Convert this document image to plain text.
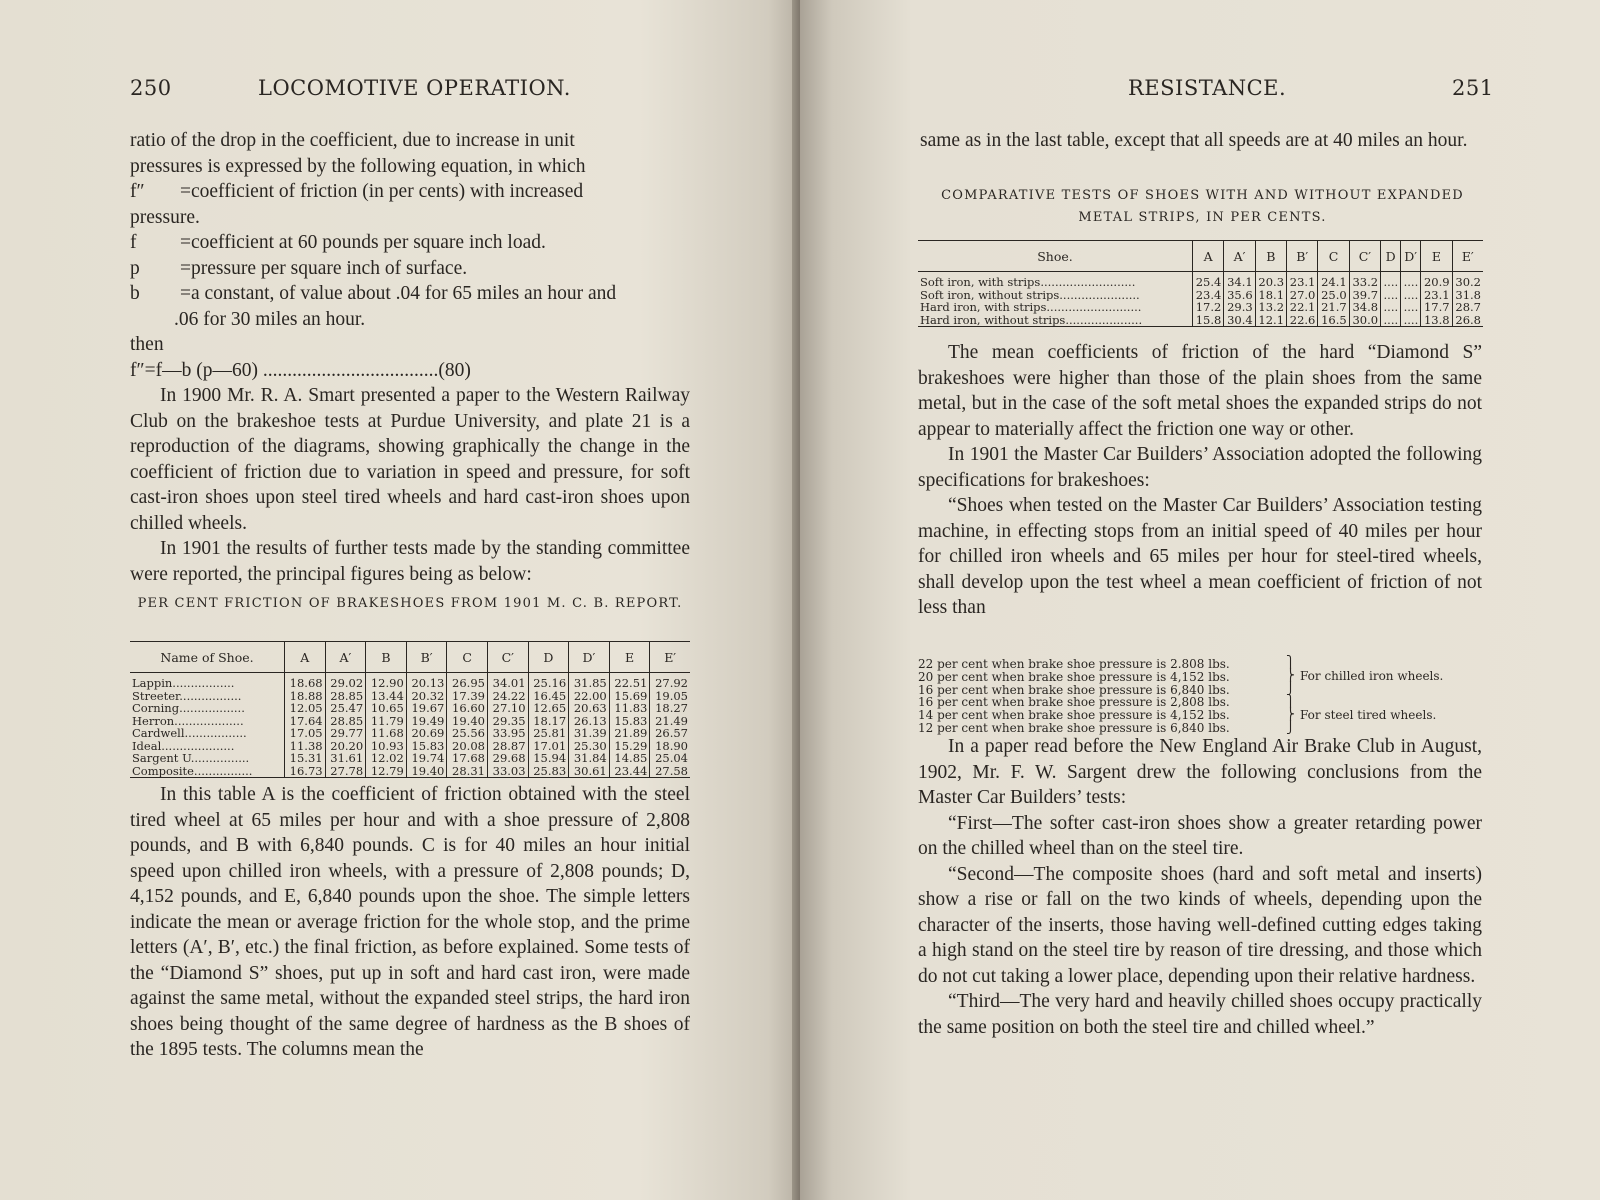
250	LOCOMOTIVE OPERATION.

ratio of the drop in the coefficient, due to increase in unit

pressures is expressed by the following equation, in which

f″	=coefficient of friction (in per cents) with increased
pressure.
f	=coefficient at 60 pounds per square inch load.
p	=pressure per square inch of surface.
b	=a constant, of value about .04 for 65 miles an hour and
.06 for 30 miles an hour.

then

f″=f—b (p—60) ....................................(80)

In 1900 Mr. R. A. Smart presented a paper to the Western Railway Club on the brakeshoe tests at Purdue University, and plate 21 is a reproduction of the diagrams, showing graphically the change in the coefficient of friction due to variation in speed and pressure, for soft cast-iron shoes upon steel tired wheels and hard cast-iron shoes upon chilled wheels.

In 1901 the results of further tests made by the standing committee were reported, the principal figures being as below:

PER CENT FRICTION OF BRAKESHOES FROM 1901 M. C. B. REPORT.
Name of Shoe.	A	A′	B	B′	C	C′	D	D′	E	E′
Lappin.................	18.68	29.02	12.90	20.13	26.95	34.01	25.16	31.85	22.51	27.92
Streeter.................	18.88	28.85	13.44	20.32	17.39	24.22	16.45	22.00	15.69	19.05
Corning..................	12.05	25.47	10.65	19.67	16.60	27.10	12.65	20.63	11.83	18.27
Herron...................	17.64	28.85	11.79	19.49	19.40	29.35	18.17	26.13	15.83	21.49
Cardwell.................	17.05	29.77	11.68	20.69	25.56	33.95	25.81	31.39	21.89	26.57
Ideal....................	11.38	20.20	10.93	15.83	20.08	28.87	17.01	25.30	15.29	18.90
Sargent U................	15.31	31.61	12.02	19.74	17.68	29.68	15.94	31.84	14.85	25.04
Composite................	16.73	27.78	12.79	19.40	28.31	33.03	25.83	30.61	23.44	27.58

In this table A is the coefficient of friction obtained with the steel tired wheel at 65 miles per hour and with a shoe pressure of 2,808 pounds, and B with 6,840 pounds. C is for 40 miles an hour initial speed upon chilled iron wheels, with a pressure of 2,808 pounds; D, 4,152 pounds, and E, 6,840 pounds upon the shoe. The simple letters indicate the mean or average friction for the whole stop, and the prime letters (A′, B′, etc.) the final friction, as before explained. Some tests of the “Diamond S” shoes, put up in soft and hard cast iron, were made against the same metal, without the expanded steel strips, the hard iron shoes being thought of the same degree of hardness as the B shoes of the 1895 tests. The columns mean the

RESISTANCE.	251

same as in the last table, except that all speeds are at 40 miles an hour.

COMPARATIVE TESTS OF SHOES WITH AND WITHOUT EXPANDED
METAL STRIPS, IN PER CENTS.
Shoe.	A	A′	B	B′	C	C′	D	D′	E	E′
Soft iron, with strips..........................	25.4	34.1	20.3	23.1	24.1	33.2	....	....	20.9	30.2
Soft iron, without strips......................	23.4	35.6	18.1	27.0	25.0	39.7	....	....	23.1	31.8
Hard iron, with strips..........................	17.2	29.3	13.2	22.1	21.7	34.8	....	....	17.7	28.7
Hard iron, without strips.....................	15.8	30.4	12.1	22.6	16.5	30.0	....	....	13.8	26.8

The mean coefficients of friction of the hard “Diamond S” brakeshoes were higher than those of the plain shoes from the same metal, but in the case of the soft metal shoes the expanded strips do not appear to materially affect the friction one way or other.

In 1901 the Master Car Builders’ Association adopted the following specifications for brakeshoes:

“Shoes when tested on the Master Car Builders’ Association testing machine, in effecting stops from an initial speed of 40 miles per hour for chilled iron wheels and 65 miles per hour for steel-tired wheels, shall develop upon the test wheel a mean coefficient of friction of not less than

22 per cent when brake shoe pressure is 2.808 lbs.
20 per cent when brake shoe pressure is 4,152 lbs.
16 per cent when brake shoe pressure is 6,840 lbs.
16 per cent when brake shoe pressure is 2,808 lbs.
14 per cent when brake shoe pressure is 4,152 lbs.
12 per cent when brake shoe pressure is 6,840 lbs.
⎫
⎬
⎭
For chilled iron wheels.
⎫
⎬
⎭
For steel tired wheels.

In a paper read before the New England Air Brake Club in August, 1902, Mr. F. W. Sargent drew the following conclusions from the Master Car Builders’ tests:

“First—The softer cast-iron shoes show a greater retarding power on the chilled wheel than on the steel tire.

“Second—The composite shoes (hard and soft metal and inserts) show a rise or fall on the two kinds of wheels, depending upon the character of the inserts, those having well-defined cutting edges taking a high stand on the steel tire by reason of tire dressing, and those which do not cut taking a lower place, depending upon their relative hardness.

“Third—The very hard and heavily chilled shoes occupy practically the same position on both the steel tire and chilled wheel.”
